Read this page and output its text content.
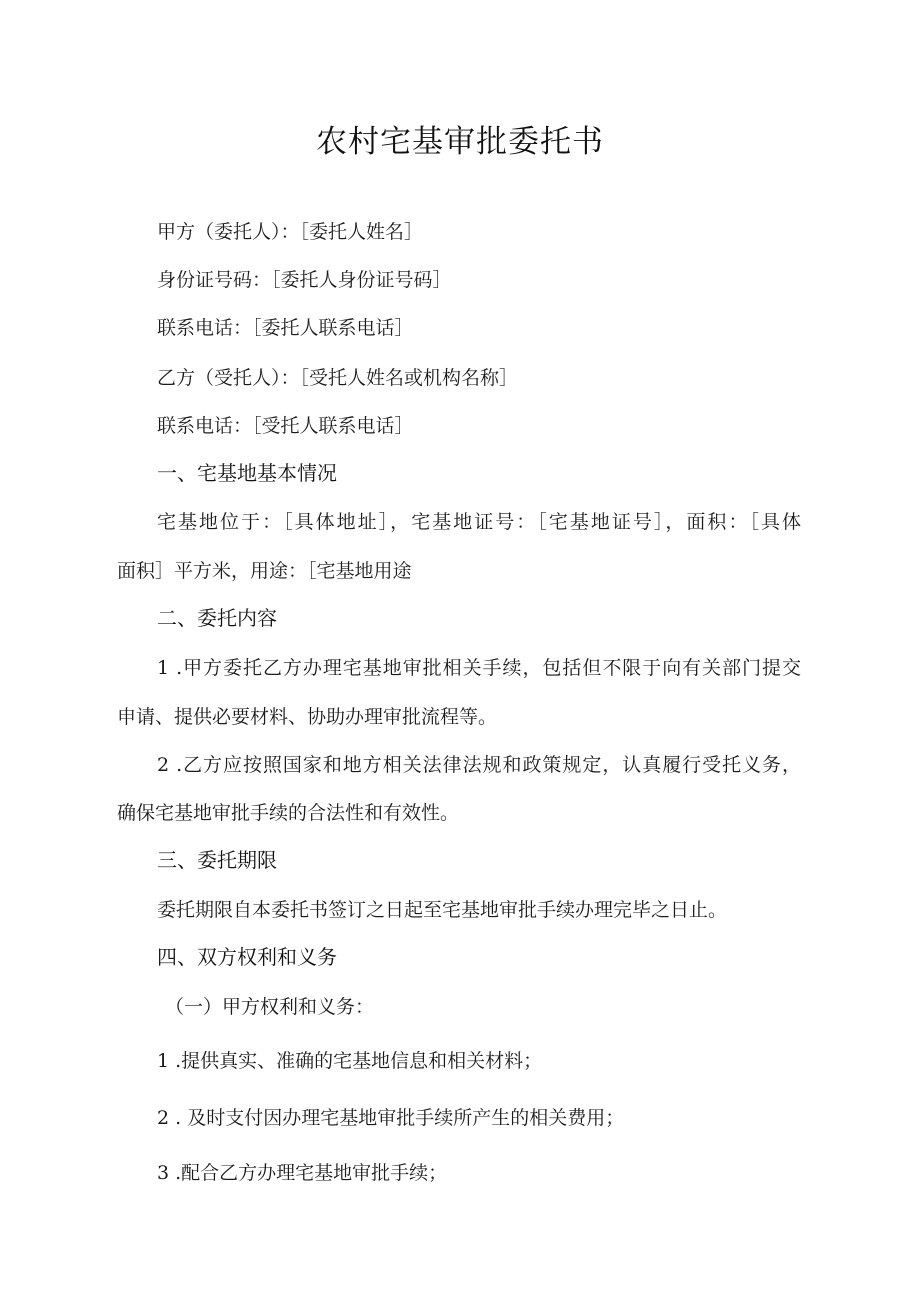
农村宅基审批委托书
甲方（委托人）：［委托人姓名］
身份证号码：［委托人身份证号码］
联系电话：［委托人联系电话］
乙方（受托人）：［受托人姓名或机构名称］
联系电话：［受托人联系电话］
一、宅基地基本情况
宅基地位于：［具体地址］，宅基地证号：［宅基地证号］，面积：［具体
面积］平方米，用途：［宅基地用途
二、委托内容
1 .甲方委托乙方办理宅基地审批相关手续，包括但不限于向有关部门提交
申请、提供必要材料、协助办理审批流程等。
2 .乙方应按照国家和地方相关法律法规和政策规定，认真履行受托义务，
确保宅基地审批手续的合法性和有效性。
三、委托期限
委托期限自本委托书签订之日起至宅基地审批手续办理完毕之日止。
四、双方权利和义务
（一）甲方权利和义务：
1 .提供真实、准确的宅基地信息和相关材料；
2 . 及时支付因办理宅基地审批手续所产生的相关费用；
3 .配合乙方办理宅基地审批手续；
